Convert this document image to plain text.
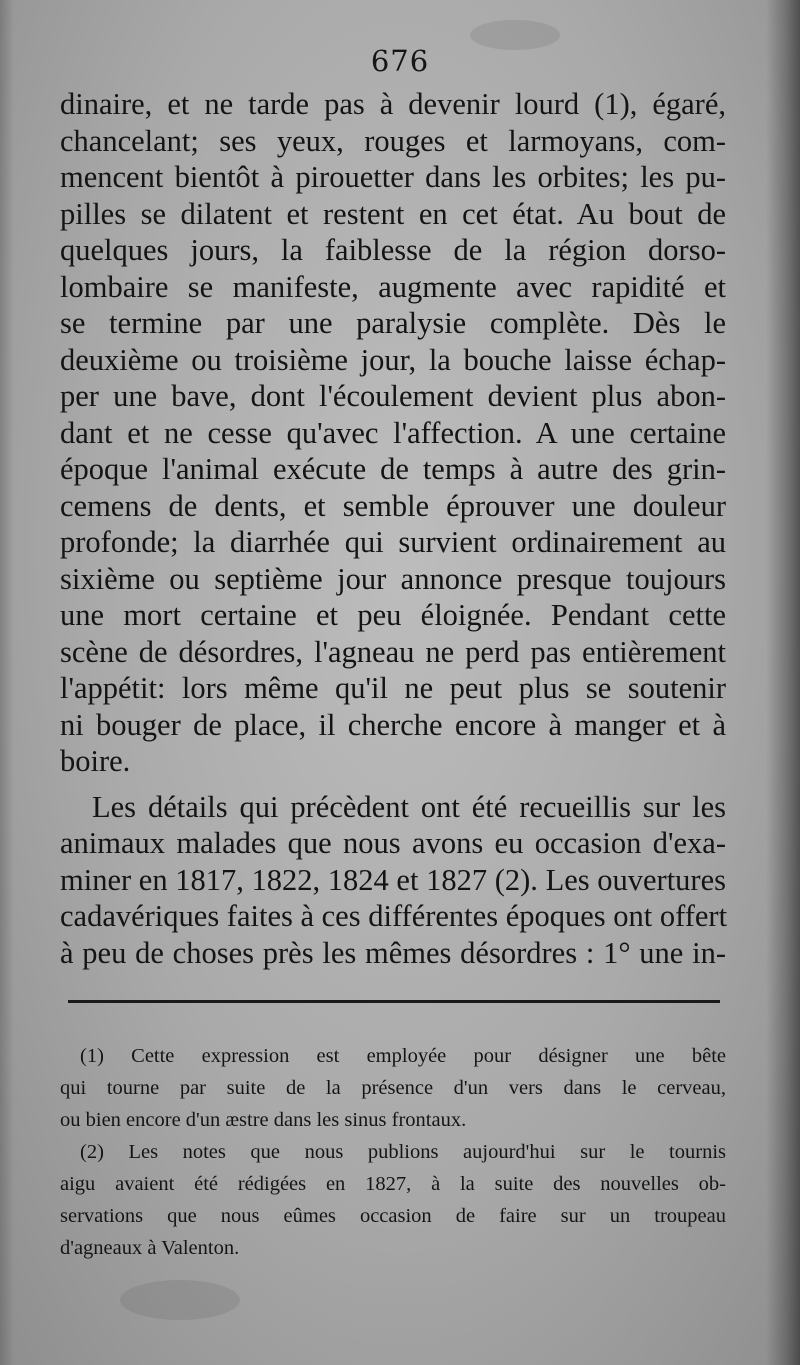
676
dinaire, et ne tarde pas à devenir lourd (1), égaré,
chancelant; ses yeux, rouges et larmoyans, com-
mencent bientôt à pirouetter dans les orbites; les pu-
pilles se dilatent et restent en cet état. Au bout de
quelques jours, la faiblesse de la région dorso-
lombaire se manifeste, augmente avec rapidité et
se termine par une paralysie complète. Dès le
deuxième ou troisième jour, la bouche laisse échap-
per une bave, dont l'écoulement devient plus abon-
dant et ne cesse qu'avec l'affection. A une certaine
époque l'animal exécute de temps à autre des grin-
cemens de dents, et semble éprouver une douleur
profonde; la diarrhée qui survient ordinairement au
sixième ou septième jour annonce presque toujours
une mort certaine et peu éloignée. Pendant cette
scène de désordres, l'agneau ne perd pas entièrement
l'appétit: lors même qu'il ne peut plus se soutenir
ni bouger de place, il cherche encore à manger et à
boire.
Les détails qui précèdent ont été recueillis sur les
animaux malades que nous avons eu occasion d'exa-
miner en 1817, 1822, 1824 et 1827 (2). Les ouvertures
cadavériques faites à ces différentes époques ont offert
à peu de choses près les mêmes désordres : 1° une in-
(1) Cette expression est employée pour désigner une bête
qui tourne par suite de la présence d'un vers dans le cerveau,
ou bien encore d'un æstre dans les sinus frontaux.
(2) Les notes que nous publions aujourd'hui sur le tournis
aigu avaient été rédigées en 1827, à la suite des nouvelles ob-
servations que nous eûmes occasion de faire sur un troupeau
d'agneaux à Valenton.
